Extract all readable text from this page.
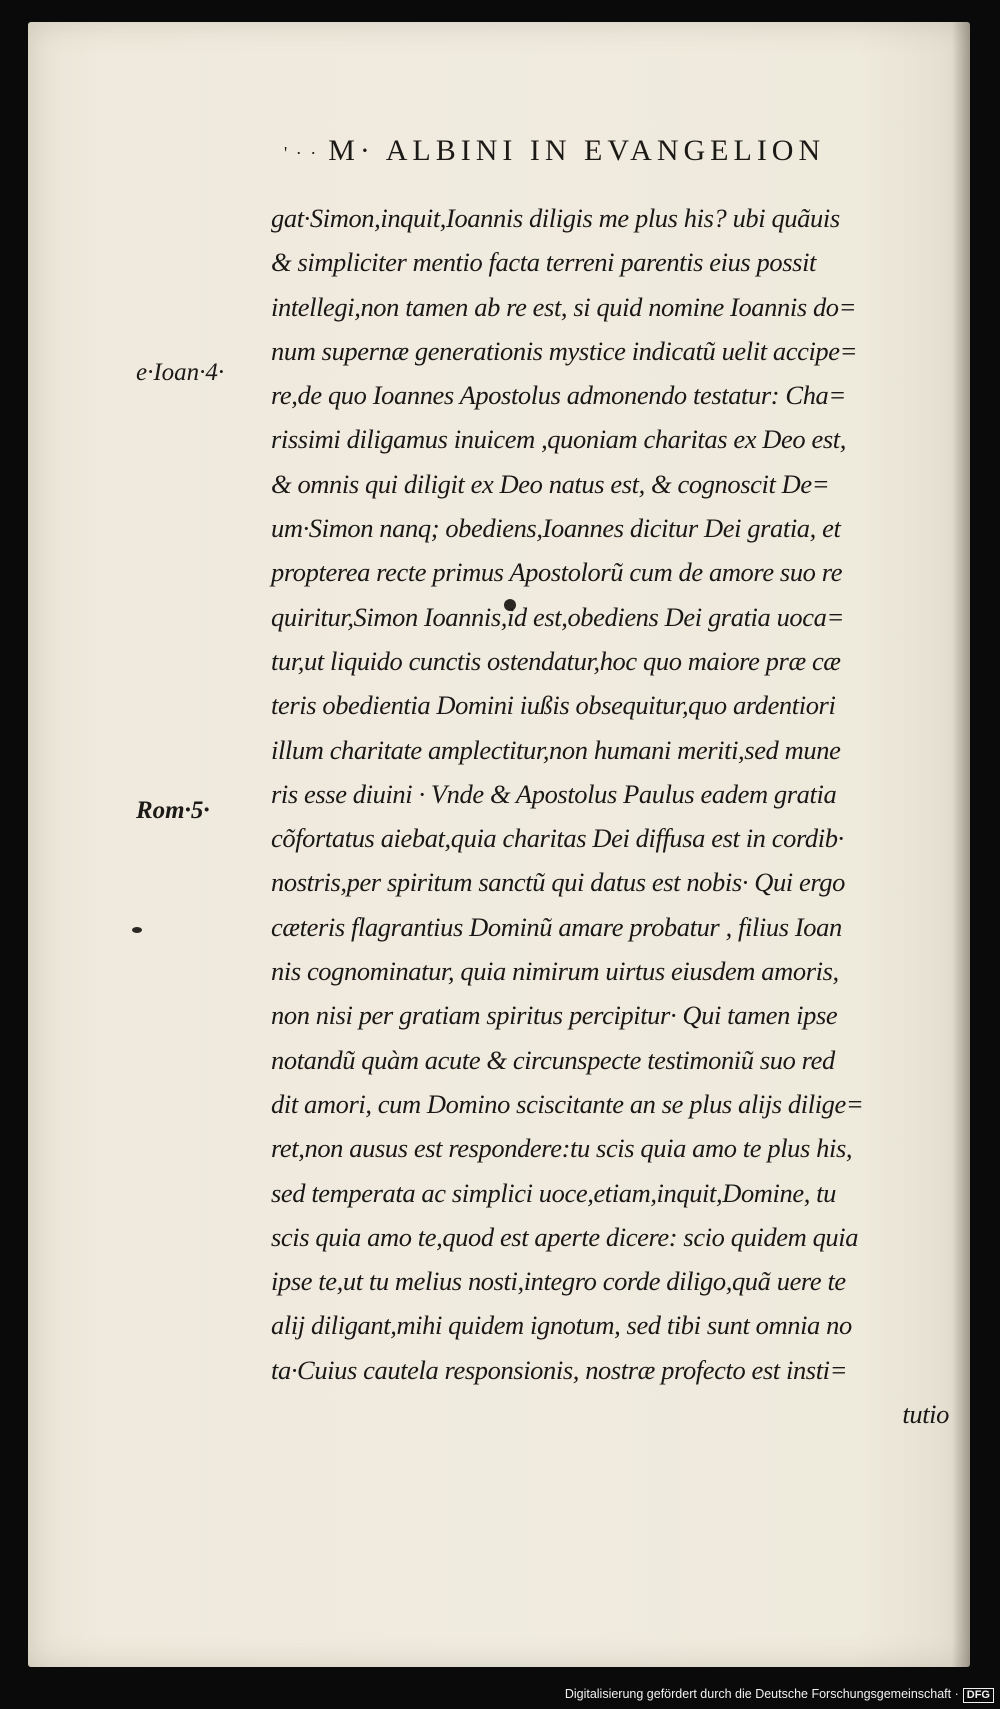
' · · M· ALBINI IN EVANGELION
e·Ioan·4·
Rom·5·
gat·Simon,inquit,Ioannis diligis me plus his? ubi quãuis
& simpliciter mentio facta terreni parentis eius possit
intellegi,non tamen ab re est, si quid nomine Ioannis do=
num supernæ generationis mystice indicatũ uelit accipe=
re,de quo Ioannes Apostolus admonendo testatur: Cha=
rissimi diligamus inuicem ,quoniam charitas ex Deo est,
& omnis qui diligit ex Deo natus est, & cognoscit De=
um·Simon nanq; obediens,Ioannes dicitur Dei gratia, et
propterea recte primus Apostolorũ cum de amore suo re
quiritur,Simon Ioannis,id est,obediens Dei gratia uoca=
tur,ut liquido cunctis ostendatur,hoc quo maiore præ cæ
teris obedientia Domini iußis obsequitur,quo ardentiori
illum charitate amplectitur,non humani meriti,sed mune
ris esse diuini · Vnde & Apostolus Paulus eadem gratia
cõfortatus aiebat,quia charitas Dei diffusa est in cordib·
nostris,per spiritum sanctũ qui datus est nobis· Qui ergo
cæteris flagrantius Dominũ amare probatur , filius Ioan
nis cognominatur, quia nimirum uirtus eiusdem amoris,
non nisi per gratiam spiritus percipitur· Qui tamen ipse
notandũ quàm acute & circunspecte testimoniũ suo red
dit amori, cum Domino sciscitante an se plus alijs dilige=
ret,non ausus est respondere:tu scis quia amo te plus his,
sed temperata ac simplici uoce,etiam,inquit,Domine, tu
scis quia amo te,quod est aperte dicere: scio quidem quia
ipse te,ut tu melius nosti,integro corde diligo,quã uere te
alij diligant,mihi quidem ignotum, sed tibi sunt omnia no
ta·Cuius cautela responsionis, nostræ profecto est insti=
tutio
Digitalisierung gefördert durch die Deutsche Forschungsgemeinschaft · DFG
